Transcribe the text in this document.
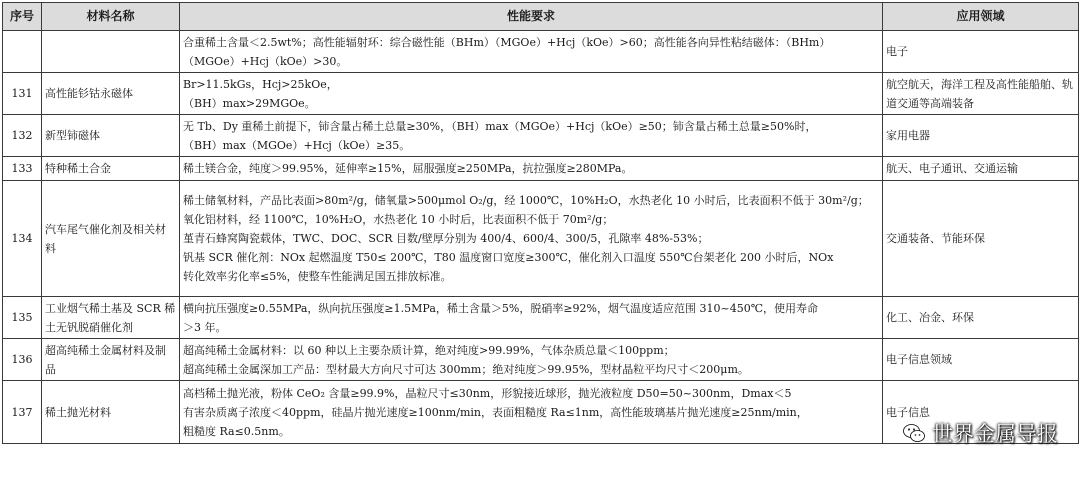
序号	材料名称	性能要求	应用领域

		合重稀土含量＜2.5wt%；高性能辐射环：综合磁性能（BHm）（MGOe）+Hcj（kOe）>60；高性能各向异性粘结磁体：（BHm）
（MGOe）+Hcj（kOe）>30。	电子
131	高性能钐钴永磁体	Br>11.5kGs，Hcj>25kOe，
（BH）max>29MGOe。	航空航天，海洋工程及高性能船舶、轨道交通等高端装备
132	新型铈磁体	无 Tb、Dy 重稀土前提下，铈含量占稀土总量≥30%，（BH）max（MGOe）+Hcj（kOe）≥50；铈含量占稀土总量≥50%时，
（BH）max（MGOe）+Hcj（kOe）≥35。	家用电器
133	特种稀土合金	稀土镁合金，纯度＞99.95%，延伸率≥15%，屈服强度≥250MPa，抗拉强度≥280MPa。	航天、电子通讯、交通运输
134	汽车尾气催化剂及相关材料	稀土储氧材料，产品比表面>80m²/g，储氧量>500μmol O₂/g，经 1000℃，10%H₂O，水热老化 10 小时后，比表面积不低于 30m²/g；
氧化铝材料，经 1100℃，10%H₂O，水热老化 10 小时后，比表面积不低于 70m²/g；
堇青石蜂窝陶瓷载体，TWC、DOC、SCR 目数/壁厚分别为 400/4、600/4、300/5，孔隙率 48%-53%；
钒基 SCR 催化剂：NOx 起燃温度 T50≤ 200℃，T80 温度窗口宽度≥300℃，催化剂入口温度 550℃台架老化 200 小时后，NOx
转化效率劣化率≤5%，使整车性能满足国五排放标准。	交通装备、节能环保
135	工业烟气稀土基及 SCR 稀土无钒脱硝催化剂	横向抗压强度≥0.55MPa，纵向抗压强度≥1.5MPa，稀土含量＞5%，脱硝率≥92%，烟气温度适应范围 310~450℃，使用寿命
＞3 年。	化工、冶金、环保
136	超高纯稀土金属材料及制品	超高纯稀土金属材料：以 60 种以上主要杂质计算，绝对纯度>99.99%，气体杂质总量＜100ppm；
超高纯稀土金属深加工产品：型材最大方向尺寸可达 300mm；绝对纯度＞99.95%，型材晶粒平均尺寸＜200μm。	电子信息领域
137	稀土抛光材料	高档稀土抛光液，粉体 CeO₂ 含量≥99.9%，晶粒尺寸≤30nm，形貌接近球形，抛光液粒度 D50=50~300nm，Dmax＜5
有害杂质离子浓度＜40ppm，硅晶片抛光速度≥100nm/min，表面粗糙度 Ra≤1nm，高性能玻璃基片抛光速度≥25nm/min，
粗糙度 Ra≤0.5nm。	电子信息
世界金属导报
